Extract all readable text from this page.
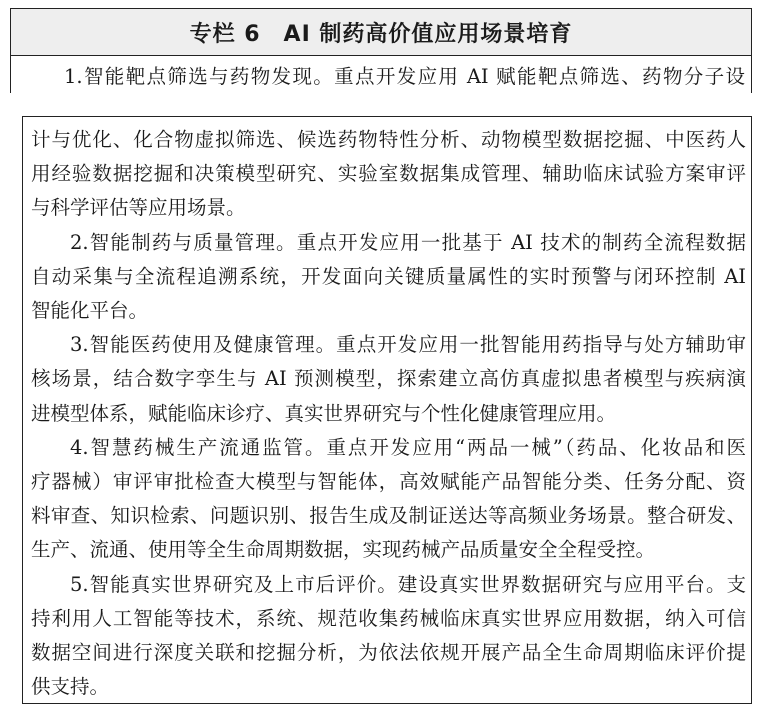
专栏 6　AI 制药高价值应用场景培育
1.智能靶点筛选与药物发现。重点开发应用 AI 赋能靶点筛选、药物分子设
计与优化、化合物虚拟筛选、候选药物特性分析、动物模型数据挖掘、中医药人
用经验数据挖掘和决策模型研究、实验室数据集成管理、辅助临床试验方案审评
与科学评估等应用场景。
2.智能制药与质量管理。重点开发应用一批基于 AI 技术的制药全流程数据
自动采集与全流程追溯系统，开发面向关键质量属性的实时预警与闭环控制 AI
智能化平台。
3.智能医药使用及健康管理。重点开发应用一批智能用药指导与处方辅助审
核场景，结合数字孪生与 AI 预测模型，探索建立高仿真虚拟患者模型与疾病演
进模型体系，赋能临床诊疗、真实世界研究与个性化健康管理应用。
4.智慧药械生产流通监管。重点开发应用“两品一械”（药品、化妆品和医
疗器械）审评审批检查大模型与智能体，高效赋能产品智能分类、任务分配、资
料审查、知识检索、问题识别、报告生成及制证送达等高频业务场景。整合研发、
生产、流通、使用等全生命周期数据，实现药械产品质量安全全程受控。
5.智能真实世界研究及上市后评价。建设真实世界数据研究与应用平台。支
持利用人工智能等技术，系统、规范收集药械临床真实世界应用数据，纳入可信
数据空间进行深度关联和挖掘分析，为依法依规开展产品全生命周期临床评价提
供支持。
